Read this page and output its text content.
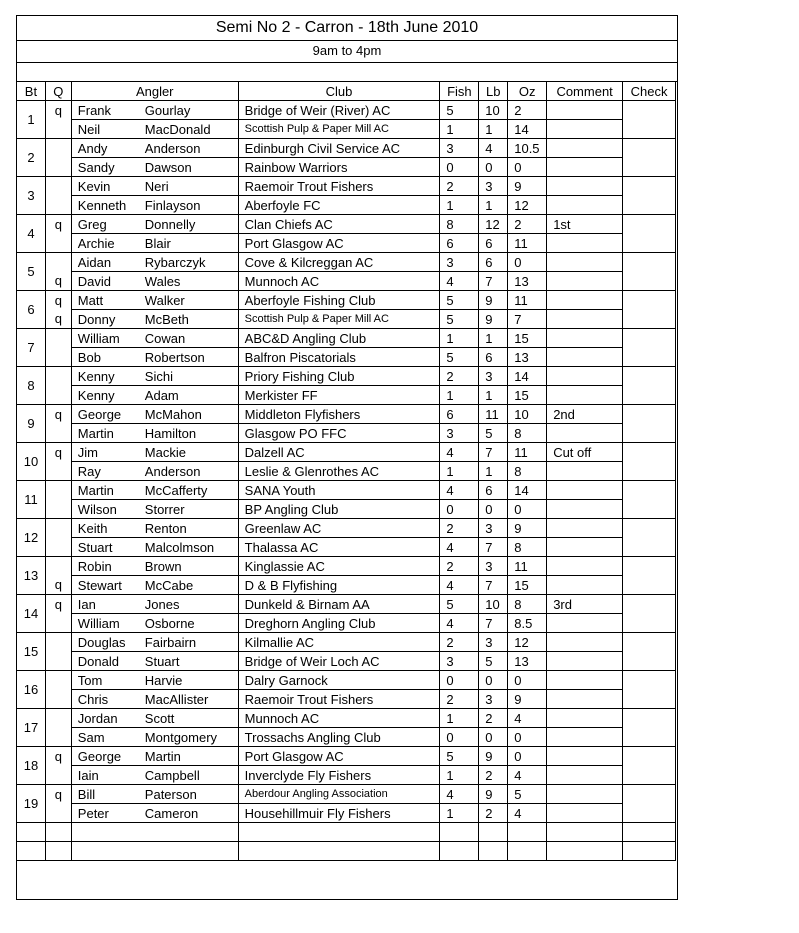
Semi No 2 - Carron - 18th June 2010
9am to 4pm
Bt	Q	Angler	Club	Fish	Lb	Oz	Comment	Check
1	q	Frank Gourlay	Bridge of Weir (River) AC	5	10	2		
		Neil MacDonald	Scottish Pulp & Paper Mill AC	1	1	14		
2		Andy Anderson	Edinburgh Civil Service AC	3	4	10.5		
		Sandy Dawson	Rainbow Warriors	0	0	0		
3		Kevin Neri	Raemoir Trout Fishers	2	3	9		
		Kenneth Finlayson	Aberfoyle FC	1	1	12		
4	q	Greg Donnelly	Clan Chiefs AC	8	12	2	1st	
		Archie Blair	Port Glasgow AC	6	6	11		
5		Aidan Rybarczyk	Cove & Kilcreggan AC	3	6	0		
	q	David Wales	Munnoch AC	4	7	13		
6	q	Matt Walker	Aberfoyle Fishing Club	5	9	11		
	q	Donny McBeth	Scottish Pulp & Paper Mill AC	5	9	7		
7		William Cowan	ABC&D Angling Club	1	1	15		
		Bob Robertson	Balfron Piscatorials	5	6	13		
8		Kenny Sichi	Priory Fishing Club	2	3	14		
		Kenny Adam	Merkister FF	1	1	15		
9	q	George McMahon	Middleton Flyfishers	6	11	10	2nd	
		Martin Hamilton	Glasgow PO FFC	3	5	8		
10	q	Jim Mackie	Dalzell AC	4	7	11	Cut off	
		Ray Anderson	Leslie & Glenrothes AC	1	1	8		
11		Martin McCafferty	SANA Youth	4	6	14		
		Wilson Storrer	BP Angling Club	0	0	0		
12		Keith Renton	Greenlaw AC	2	3	9		
		Stuart Malcolmson	Thalassa AC	4	7	8		
13		Robin Brown	Kinglassie AC	2	3	11		
	q	Stewart McCabe	D & B Flyfishing	4	7	15		
14	q	Ian Jones	Dunkeld & Birnam AA	5	10	8	3rd	
		William Osborne	Dreghorn Angling Club	4	7	8.5		
15		Douglas Fairbairn	Kilmallie AC	2	3	12		
		Donald Stuart	Bridge of Weir Loch AC	3	5	13		
16		Tom Harvie	Dalry Garnock	0	0	0		
		Chris MacAllister	Raemoir Trout Fishers	2	3	9		
17		Jordan Scott	Munnoch AC	1	2	4		
		Sam Montgomery	Trossachs Angling Club	0	0	0		
18	q	George Martin	Port Glasgow AC	5	9	0		
		Iain Campbell	Inverclyde Fly Fishers	1	2	4		
19	q	Bill Paterson	Aberdour Angling Association	4	9	5		
		Peter Cameron	Househillmuir Fly Fishers	1	2	4		
